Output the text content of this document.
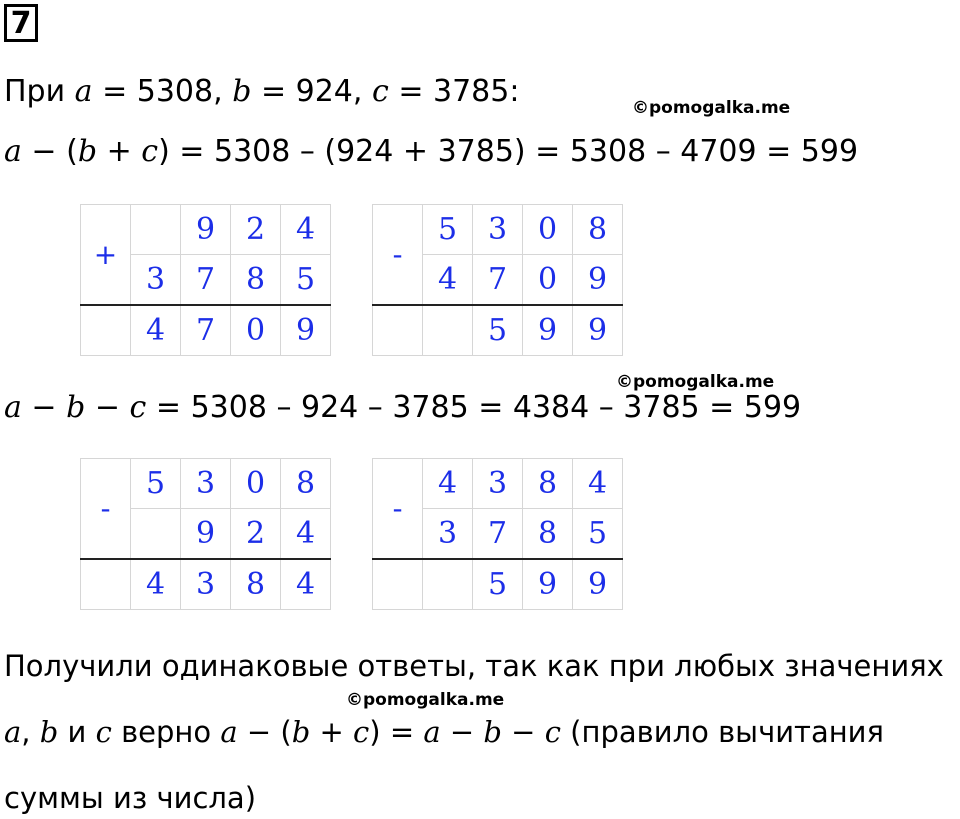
7
При a = 5308, b = 924, c = 3785:	©pomogalka.me
a − (b + c) = 5308 – (924 + 3785) = 5308 – 4709 = 599
+		9	2	4
	3	7	8	5
	4	7	0	9
-	5	3	0	8
	4	7	0	9
		5	9	9
©pomogalka.me
a − b − c = 5308 – 924 – 3785 = 4384 – 3785 = 599
-	5	3	0	8
		9	2	4
	4	3	8	4
-	4	3	8	4
	3	7	8	5
		5	9	9
Получили одинаковые ответы, так как при любых значениях
©pomogalka.me
a, b и c верно a − (b + c) = a − b − c (правило вычитания
суммы из числа)
